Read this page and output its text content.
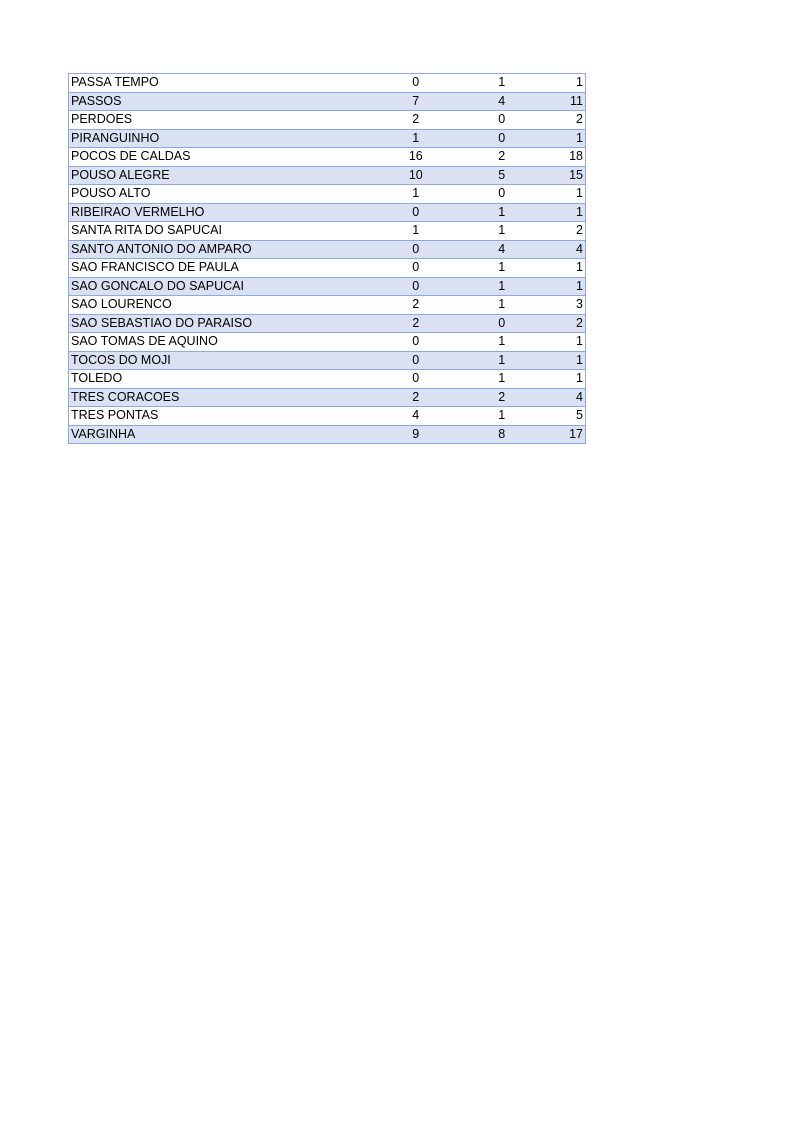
PASSA TEMPO	0	1	1
PASSOS	7	4	11
PERDOES	2	0	2
PIRANGUINHO	1	0	1
POCOS DE CALDAS	16	2	18
POUSO ALEGRE	10	5	15
POUSO ALTO	1	0	1
RIBEIRAO VERMELHO	0	1	1
SANTA RITA DO SAPUCAI	1	1	2
SANTO ANTONIO DO AMPARO	0	4	4
SAO FRANCISCO DE PAULA	0	1	1
SAO GONCALO DO SAPUCAI	0	1	1
SAO LOURENCO	2	1	3
SAO SEBASTIAO DO PARAISO	2	0	2
SAO TOMAS DE AQUINO	0	1	1
TOCOS DO MOJI	0	1	1
TOLEDO	0	1	1
TRES CORACOES	2	2	4
TRES PONTAS	4	1	5
VARGINHA	9	8	17
